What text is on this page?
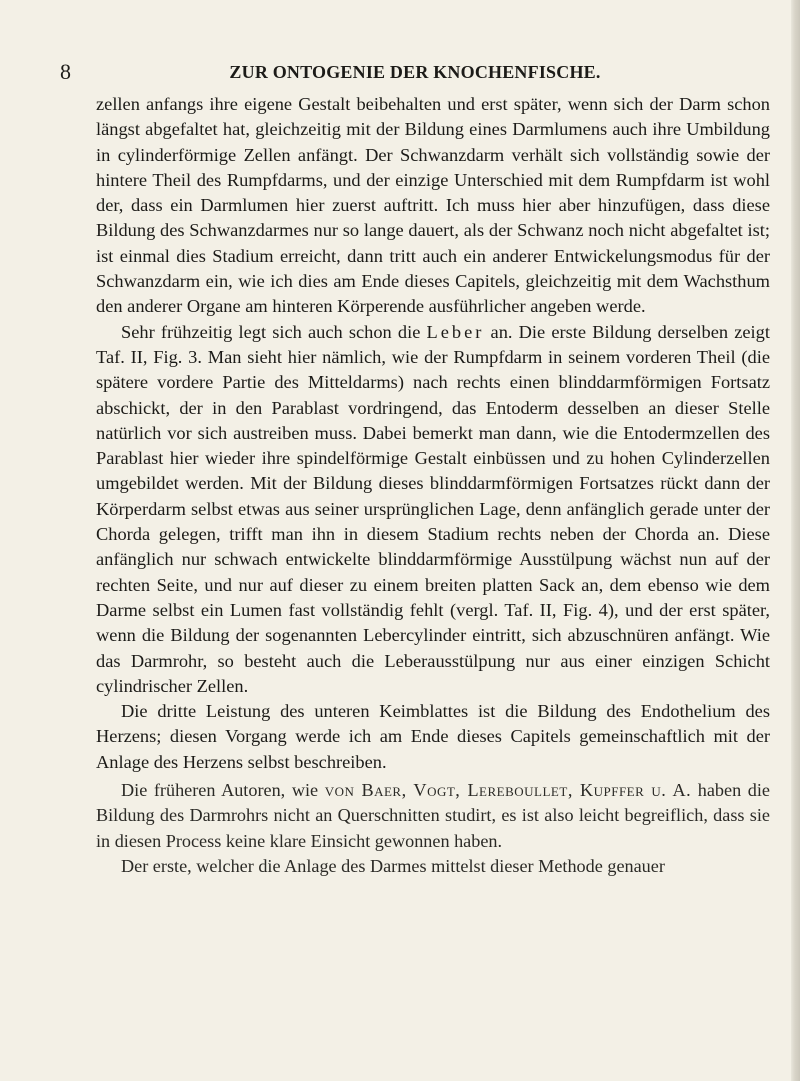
8	ZUR ONTOGENIE DER KNOCHENFISCHE.

zellen anfangs ihre eigene Gestalt beibehalten und erst später, wenn sich der Darm schon längst abgefaltet hat, gleichzeitig mit der Bildung eines Darmlumens auch ihre Umbildung in cylinderförmige Zellen anfängt. Der Schwanzdarm verhält sich vollständig sowie der hintere Theil des Rumpfdarms, und der einzige Unterschied mit dem Rumpfdarm ist wohl der, dass ein Darmlumen hier zuerst auftritt. Ich muss hier aber hinzufügen, dass diese Bildung des Schwanzdarmes nur so lange dauert, als der Schwanz noch nicht abgefaltet ist; ist einmal dies Stadium erreicht, dann tritt auch ein anderer Entwickelungsmodus für der Schwanzdarm ein, wie ich dies am Ende dieses Capitels, gleichzeitig mit dem Wachsthum den anderer Organe am hinteren Körperende ausführlicher angeben werde.

Sehr frühzeitig legt sich auch schon die Leber an. Die erste Bildung derselben zeigt Taf. II, Fig. 3. Man sieht hier nämlich, wie der Rumpfdarm in seinem vorderen Theil (die spätere vordere Partie des Mitteldarms) nach rechts einen blinddarmförmigen Fortsatz abschickt, der in den Parablast vordringend, das Entoderm desselben an dieser Stelle natürlich vor sich austreiben muss. Dabei bemerkt man dann, wie die Entodermzellen des Parablast hier wieder ihre spindelförmige Gestalt einbüssen und zu hohen Cylinderzellen umgebildet werden. Mit der Bildung dieses blinddarmförmigen Fortsatzes rückt dann der Körperdarm selbst etwas aus seiner ursprünglichen Lage, denn anfänglich gerade unter der Chorda gelegen, trifft man ihn in diesem Stadium rechts neben der Chorda an. Diese anfänglich nur schwach entwickelte blinddarmförmige Ausstülpung wächst nun auf der rechten Seite, und nur auf dieser zu einem breiten platten Sack an, dem ebenso wie dem Darme selbst ein Lumen fast vollständig fehlt (vergl. Taf. II, Fig. 4), und der erst später, wenn die Bildung der sogenannten Lebercylinder eintritt, sich abzuschnüren anfängt. Wie das Darmrohr, so besteht auch die Leberausstülpung nur aus einer einzigen Schicht cylindrischer Zellen.

Die dritte Leistung des unteren Keimblattes ist die Bildung des Endothelium des Herzens; diesen Vorgang werde ich am Ende dieses Capitels gemeinschaftlich mit der Anlage des Herzens selbst beschreiben.

Die früheren Autoren, wie von Baer, Vogt, Lereboullet, Kupffer u. A. haben die Bildung des Darmrohrs nicht an Querschnitten studirt, es ist also leicht begreiflich, dass sie in diesen Process keine klare Einsicht gewonnen haben.

Der erste, welcher die Anlage des Darmes mittelst dieser Methode genauer
